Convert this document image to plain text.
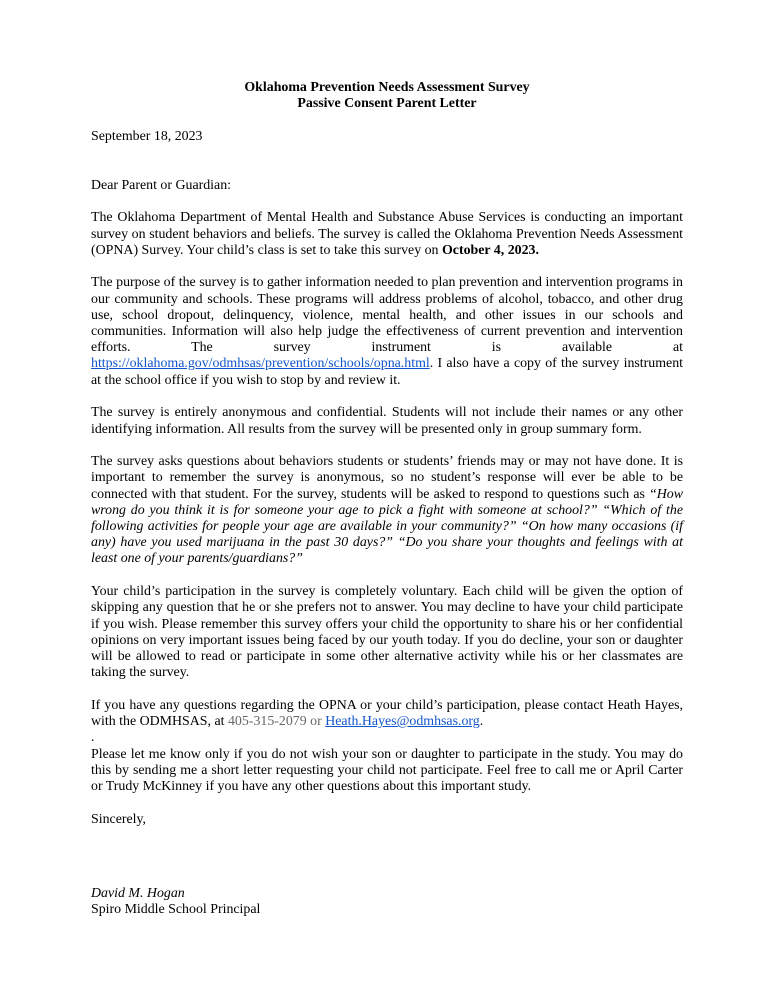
Oklahoma Prevention Needs Assessment Survey

Passive Consent Parent Letter

September 18, 2023

Dear Parent or Guardian:

The Oklahoma Department of Mental Health and Substance Abuse Services is conducting an important survey on student behaviors and beliefs. The survey is called the Oklahoma Prevention Needs Assessment (OPNA) Survey. Your child’s class is set to take this survey on October 4, 2023.

The purpose of the survey is to gather information needed to plan prevention and intervention programs in our community and schools. These programs will address problems of alcohol, tobacco, and other drug use, school dropout, delinquency, violence, mental health, and other issues in our schools and communities. Information will also help judge the effectiveness of current prevention and intervention efforts. The survey instrument is available at https://oklahoma.gov/odmhsas/prevention/schools/opna.html. I also have a copy of the survey instrument at the school office if you wish to stop by and review it.

The survey is entirely anonymous and confidential. Students will not include their names or any other identifying information. All results from the survey will be presented only in group summary form.

The survey asks questions about behaviors students or students’ friends may or may not have done. It is important to remember the survey is anonymous, so no student’s response will ever be able to be connected with that student. For the survey, students will be asked to respond to questions such as “How wrong do you think it is for someone your age to pick a fight with someone at school?” “Which of the following activities for people your age are available in your community?” “On how many occasions (if any) have you used marijuana in the past 30 days?” “Do you share your thoughts and feelings with at least one of your parents/guardians?”

Your child’s participation in the survey is completely voluntary. Each child will be given the option of skipping any question that he or she prefers not to answer. You may decline to have your child participate if you wish. Please remember this survey offers your child the opportunity to share his or her confidential opinions on very important issues being faced by our youth today. If you do decline, your son or daughter will be allowed to read or participate in some other alternative activity while his or her classmates are taking the survey.

If you have any questions regarding the OPNA or your child’s participation, please contact Heath Hayes, with the ODMHSAS, at 405-315-2079 or Heath.Hayes@odmhsas.org.

.

Please let me know only if you do not wish your son or daughter to participate in the study. You may do this by sending me a short letter requesting your child not participate. Feel free to call me or April Carter or Trudy McKinney if you have any other questions about this important study.

Sincerely,

David M. Hogan

Spiro Middle School Principal
